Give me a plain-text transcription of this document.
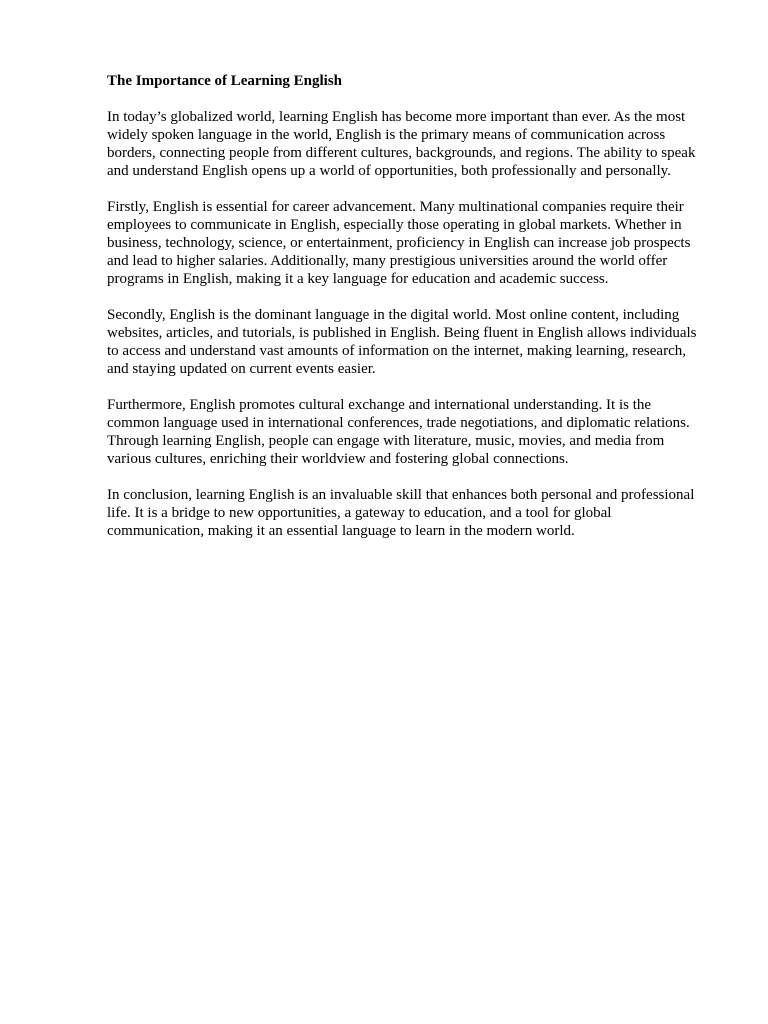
The Importance of Learning English

In today’s globalized world, learning English has become more important than ever. As the most widely spoken language in the world, English is the primary means of communication across borders, connecting people from different cultures, backgrounds, and regions. The ability to speak and understand English opens up a world of opportunities, both professionally and personally.

Firstly, English is essential for career advancement. Many multinational companies require their employees to communicate in English, especially those operating in global markets. Whether in business, technology, science, or entertainment, proficiency in English can increase job prospects and lead to higher salaries. Additionally, many prestigious universities around the world offer programs in English, making it a key language for education and academic success.

Secondly, English is the dominant language in the digital world. Most online content, including websites, articles, and tutorials, is published in English. Being fluent in English allows individuals to access and understand vast amounts of information on the internet, making learning, research, and staying updated on current events easier.

Furthermore, English promotes cultural exchange and international understanding. It is the common language used in international conferences, trade negotiations, and diplomatic relations. Through learning English, people can engage with literature, music, movies, and media from various cultures, enriching their worldview and fostering global connections.

In conclusion, learning English is an invaluable skill that enhances both personal and professional life. It is a bridge to new opportunities, a gateway to education, and a tool for global communication, making it an essential language to learn in the modern world.
